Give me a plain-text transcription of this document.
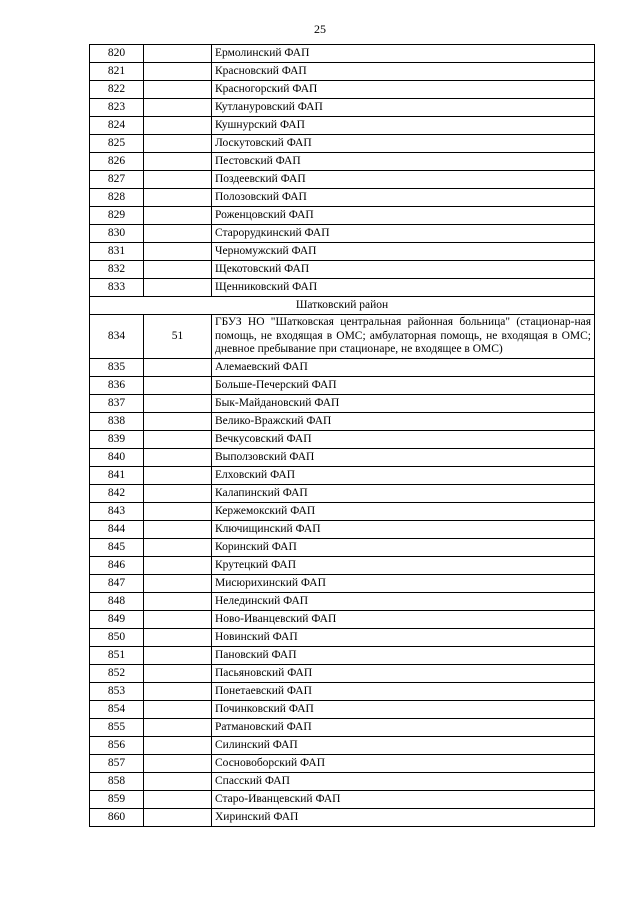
25
820		Ермолинский ФАП
821		Красновский ФАП
822		Красногорский ФАП
823		Кутлануровский ФАП
824		Кушнурский ФАП
825		Лоскутовский ФАП
826		Пестовский ФАП
827		Поздеевский ФАП
828		Полозовский ФАП
829		Роженцовский ФАП
830		Старорудкинский ФАП
831		Черномужский ФАП
832		Щекотовский ФАП
833		Щенниковский ФАП
Шатковский район		
834	51	ГБУЗ НО "Шатковская центральная районная больница" (стационар-ная помощь, не входящая в ОМС; амбулаторная помощь, не входящая в ОМС; дневное пребывание при стационаре, не входящее в ОМС)
835		Алемаевский ФАП
836		Больше-Печерский ФАП
837		Бык-Майдановский ФАП
838		Велико-Вражский ФАП
839		Вечкусовский ФАП
840		Выползовский ФАП
841		Елховский ФАП
842		Калапинский ФАП
843		Кержемокский ФАП
844		Ключищинский ФАП
845		Коринский ФАП
846		Крутецкий ФАП
847		Мисюрихинский ФАП
848		Нелединский ФАП
849		Ново-Иванцевский ФАП
850		Новинский ФАП
851		Пановский ФАП
852		Пасьяновский ФАП
853		Понетаевский ФАП
854		Починковский ФАП
855		Ратмановский ФАП
856		Силинский ФАП
857		Сосновоборский ФАП
858		Спасский ФАП
859		Старо-Иванцевский ФАП
860		Хиринский ФАП
